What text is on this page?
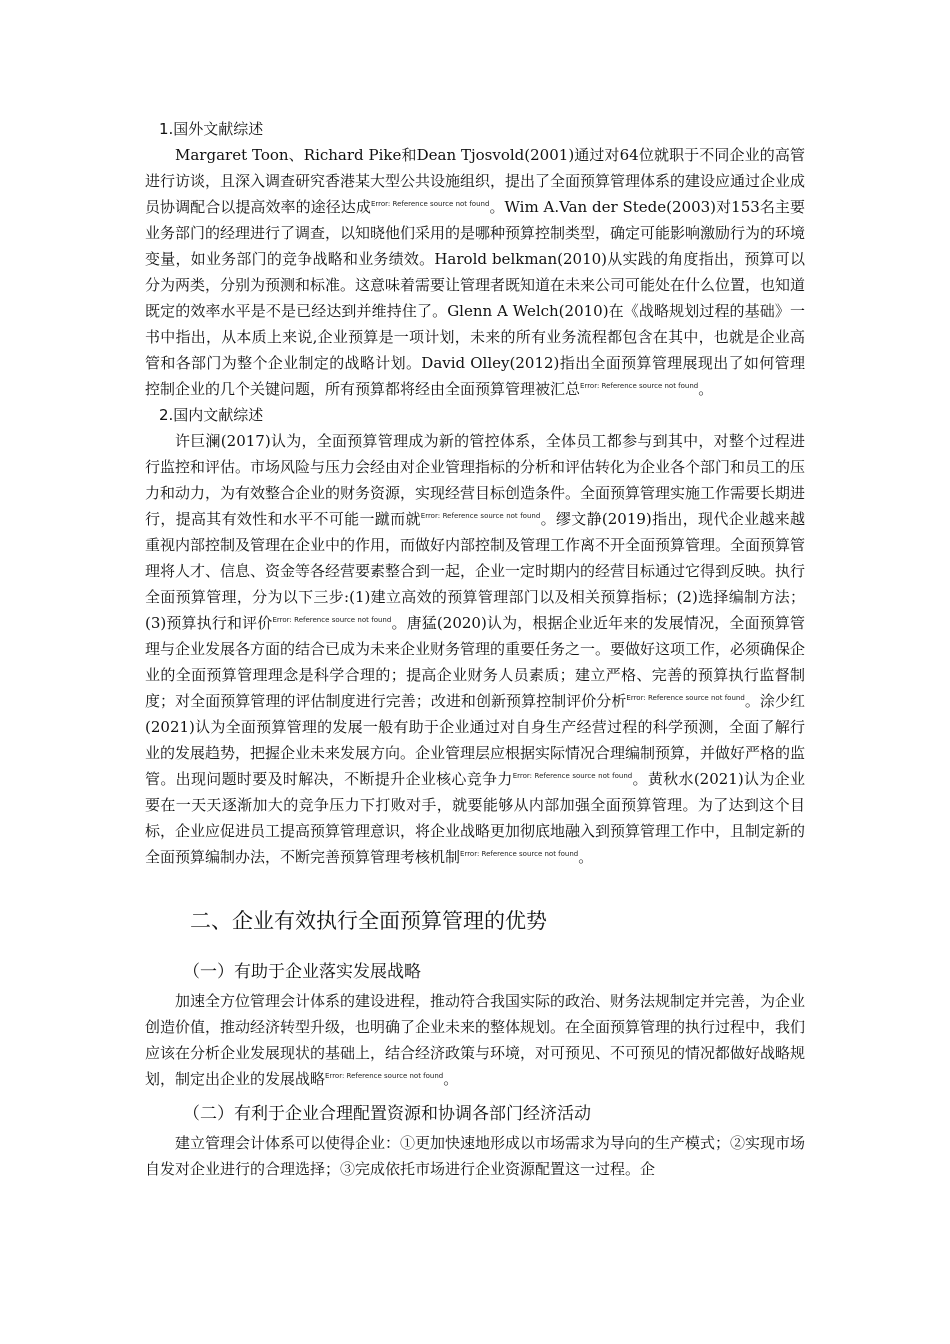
1.国外文献综述

Margaret Toon、Richard Pike和Dean Tjosvold(2001)通过对64位就职于不同企业的高管进行访谈，且深入调查研究香港某大型公共设施组织，提出了全面预算管理体系的建设应通过企业成员协调配合以提高效率的途径达成$^{Error: Reference source not found}$。Wim A.Van der Stede(2003)对153名主要业务部门的经理进行了调查，以知晓他们采用的是哪种预算控制类型，确定可能影响激励行为的环境变量，如业务部门的竞争战略和业务绩效。Harold belkman(2010)从实践的角度指出，预算可以分为两类，分别为预测和标准。这意味着需要让管理者既知道在未来公司可能处在什么位置，也知道既定的效率水平是不是已经达到并维持住了。Glenn A Welch(2010)在《战略规划过程的基础》一书中指出，从本质上来说,企业预算是一项计划，未来的所有业务流程都包含在其中，也就是企业高管和各部门为整个企业制定的战略计划。David Olley(2012)指出全面预算管理展现出了如何管理控制企业的几个关键问题，所有预算都将经由全面预算管理被汇总$^{Error: Reference source not found}$。

2.国内文献综述

许巨澜(2017)认为，全面预算管理成为新的管控体系，全体员工都参与到其中，对整个过程进行监控和评估。市场风险与压力会经由对企业管理指标的分析和评估转化为企业各个部门和员工的压力和动力，为有效整合企业的财务资源，实现经营目标创造条件。全面预算管理实施工作需要长期进行，提高其有效性和水平不可能一蹴而就$^{Error: Reference source not found}$。缪文静(2019)指出，现代企业越来越重视内部控制及管理在企业中的作用，而做好内部控制及管理工作离不开全面预算管理。全面预算管理将人才、信息、资金等各经营要素整合到一起，企业一定时期内的经营目标通过它得到反映。执行全面预算管理，分为以下三步:(1)建立高效的预算管理部门以及相关预算指标；(2)选择编制方法；(3)预算执行和评价$^{Error: Reference source not found}$。唐猛(2020)认为，根据企业近年来的发展情况，全面预算管理与企业发展各方面的结合已成为未来企业财务管理的重要任务之一。要做好这项工作，必须确保企业的全面预算管理理念是科学合理的；提高企业财务人员素质；建立严格、完善的预算执行监督制度；对全面预算管理的评估制度进行完善；改进和创新预算控制评价分析$^{Error: Reference source not found}$。涂少红(2021)认为全面预算管理的发展一般有助于企业通过对自身生产经营过程的科学预测，全面了解行业的发展趋势，把握企业未来发展方向。企业管理层应根据实际情况合理编制预算，并做好严格的监管。出现问题时要及时解决，不断提升企业核心竞争力$^{Error: Reference source not found}$。黄秋水(2021)认为企业要在一天天逐渐加大的竞争压力下打败对手，就要能够从内部加强全面预算管理。为了达到这个目标，企业应促进员工提高预算管理意识，将企业战略更加彻底地融入到预算管理工作中，且制定新的全面预算编制办法，不断完善预算管理考核机制$^{Error: Reference source not found}$。

二、企业有效执行全面预算管理的优势
（一）有助于企业落实发展战略

加速全方位管理会计体系的建设进程，推动符合我国实际的政治、财务法规制定并完善，为企业创造价值，推动经济转型升级，也明确了企业未来的整体规划。在全面预算管理的执行过程中，我们应该在分析企业发展现状的基础上，结合经济政策与环境，对可预见、不可预见的情况都做好战略规划，制定出企业的发展战略$^{Error: Reference source not found}$。

（二）有利于企业合理配置资源和协调各部门经济活动

建立管理会计体系可以使得企业：①更加快速地形成以市场需求为导向的生产模式；②实现市场自发对企业进行的合理选择；③完成依托市场进行企业资源配置这一过程。企
